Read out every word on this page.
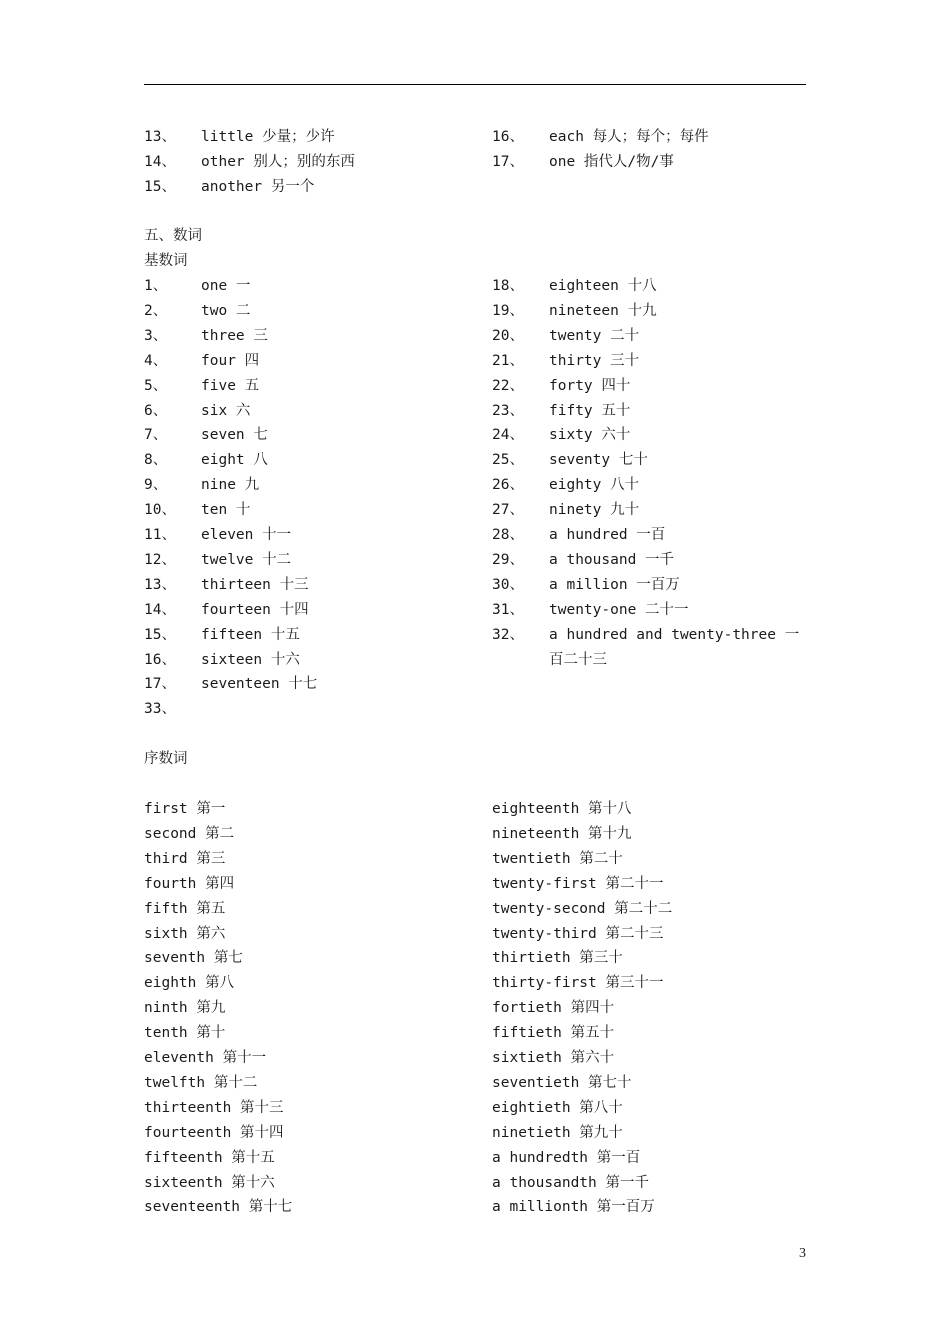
13、 little 少量；少许
14、 other 别人；别的东西
15、 another 另一个
16、 each 每人；每个；每件
17、 one 指代人/物/事
五、数词
基数词
1、 one 一
2、 two 二
3、 three 三
4、 four 四
5、 five 五
6、 six 六
7、 seven 七
8、 eight 八
9、 nine 九
10、 ten 十
11、 eleven 十一
12、 twelve 十二
13、 thirteen 十三
14、 fourteen 十四
15、 fifteen 十五
16、 sixteen 十六
17、 seventeen 十七
33、
18、 eighteen 十八
19、 nineteen 十九
20、 twenty 二十
21、 thirty 三十
22、 forty 四十
23、 fifty 五十
24、 sixty 六十
25、 seventy 七十
26、 eighty 八十
27、 ninety 九十
28、 a hundred 一百
29、 a thousand 一千
30、 a million 一百万
31、 twenty-one 二十一
32、 a hundred and twenty-three 一
百二十三
序数词
first 第一
second 第二
third 第三
fourth 第四
fifth 第五
sixth 第六
seventh 第七
eighth 第八
ninth 第九
tenth 第十
eleventh 第十一
twelfth 第十二
thirteenth 第十三
fourteenth 第十四
fifteenth 第十五
sixteenth 第十六
seventeenth 第十七
eighteenth 第十八
nineteenth 第十九
twentieth 第二十
twenty-first 第二十一
twenty-second 第二十二
twenty-third 第二十三
thirtieth 第三十
thirty-first 第三十一
fortieth 第四十
fiftieth 第五十
sixtieth 第六十
seventieth 第七十
eightieth 第八十
ninetieth 第九十
a hundredth 第一百
a thousandth 第一千
a millionth 第一百万
3
